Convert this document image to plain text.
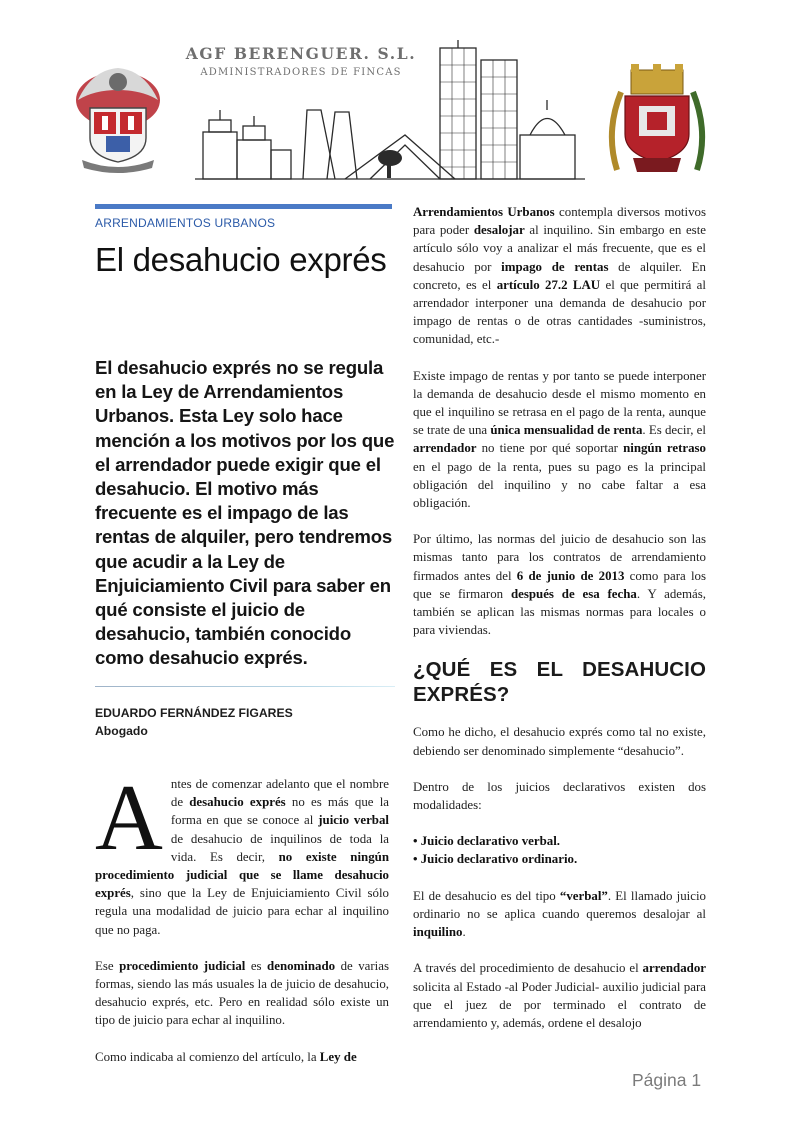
AGF BERENGUER. S.L.
ADMINISTRADORES DE FINCAS
ARRENDAMIENTOS URBANOS
El desahucio exprés

El desahucio exprés no se regula en la Ley de Arrendamientos Urbanos. Esta Ley solo hace mención a los motivos por los que el arrendador puede exigir que el desahucio. El motivo más frecuente es el impago de las rentas de alquiler, pero tendremos que acudir a la Ley de Enjuiciamiento Civil para saber en qué consiste el juicio de desahucio, también conocido como desahucio exprés.

EDUARDO FERNÁNDEZ FIGARES
Abogado

Antes de comenzar adelanto que el nombre de desahucio exprés no es más que la forma en que se conoce al juicio verbal de desahucio de inquilinos de toda la vida. Es decir, no existe ningún procedimiento judicial que se llame desahucio exprés, sino que la Ley de Enjuiciamiento Civil sólo regula una modalidad de juicio para echar al inquilino que no paga.

Ese procedimiento judicial es denominado de varias formas, siendo las más usuales la de juicio de desahucio, desahucio exprés, etc. Pero en realidad sólo existe un tipo de juicio para echar al inquilino.

Como indicaba al comienzo del artículo, la Ley de

Arrendamientos Urbanos contempla diversos motivos para poder desalojar al inquilino. Sin embargo en este artículo sólo voy a analizar el más frecuente, que es el desahucio por impago de rentas de alquiler. En concreto, es el artículo 27.2 LAU el que permitirá al arrendador interponer una demanda de desahucio por impago de rentas o de otras cantidades -suministros, comunidad, etc.-

Existe impago de rentas y por tanto se puede interponer la demanda de desahucio desde el mismo momento en que el inquilino se retrasa en el pago de la renta, aunque se trate de una única mensualidad de renta. Es decir, el arrendador no tiene por qué soportar ningún retraso en el pago de la renta, pues su pago es la principal obligación del inquilino y no cabe faltar a esa obligación.

Por último, las normas del juicio de desahucio son las mismas tanto para los contratos de arrendamiento firmados antes del 6 de junio de 2013 como para los que se firmaron después de esa fecha. Y además, también se aplican las mismas normas para locales o para viviendas.

¿QUÉ ES EL DESAHUCIO EXPRÉS?

Como he dicho, el desahucio exprés como tal no existe, debiendo ser denominado simplemente “desahucio”.

Dentro de los juicios declarativos existen dos modalidades:

• Juicio declarativo verbal.
• Juicio declarativo ordinario.

El de desahucio es del tipo “verbal”. El llamado juicio ordinario no se aplica cuando queremos desalojar al inquilino.

A través del procedimiento de desahucio el arrendador solicita al Estado -al Poder Judicial- auxilio judicial para que el juez de por terminado el contrato de arrendamiento y, además, ordene el desalojo

Página 1
